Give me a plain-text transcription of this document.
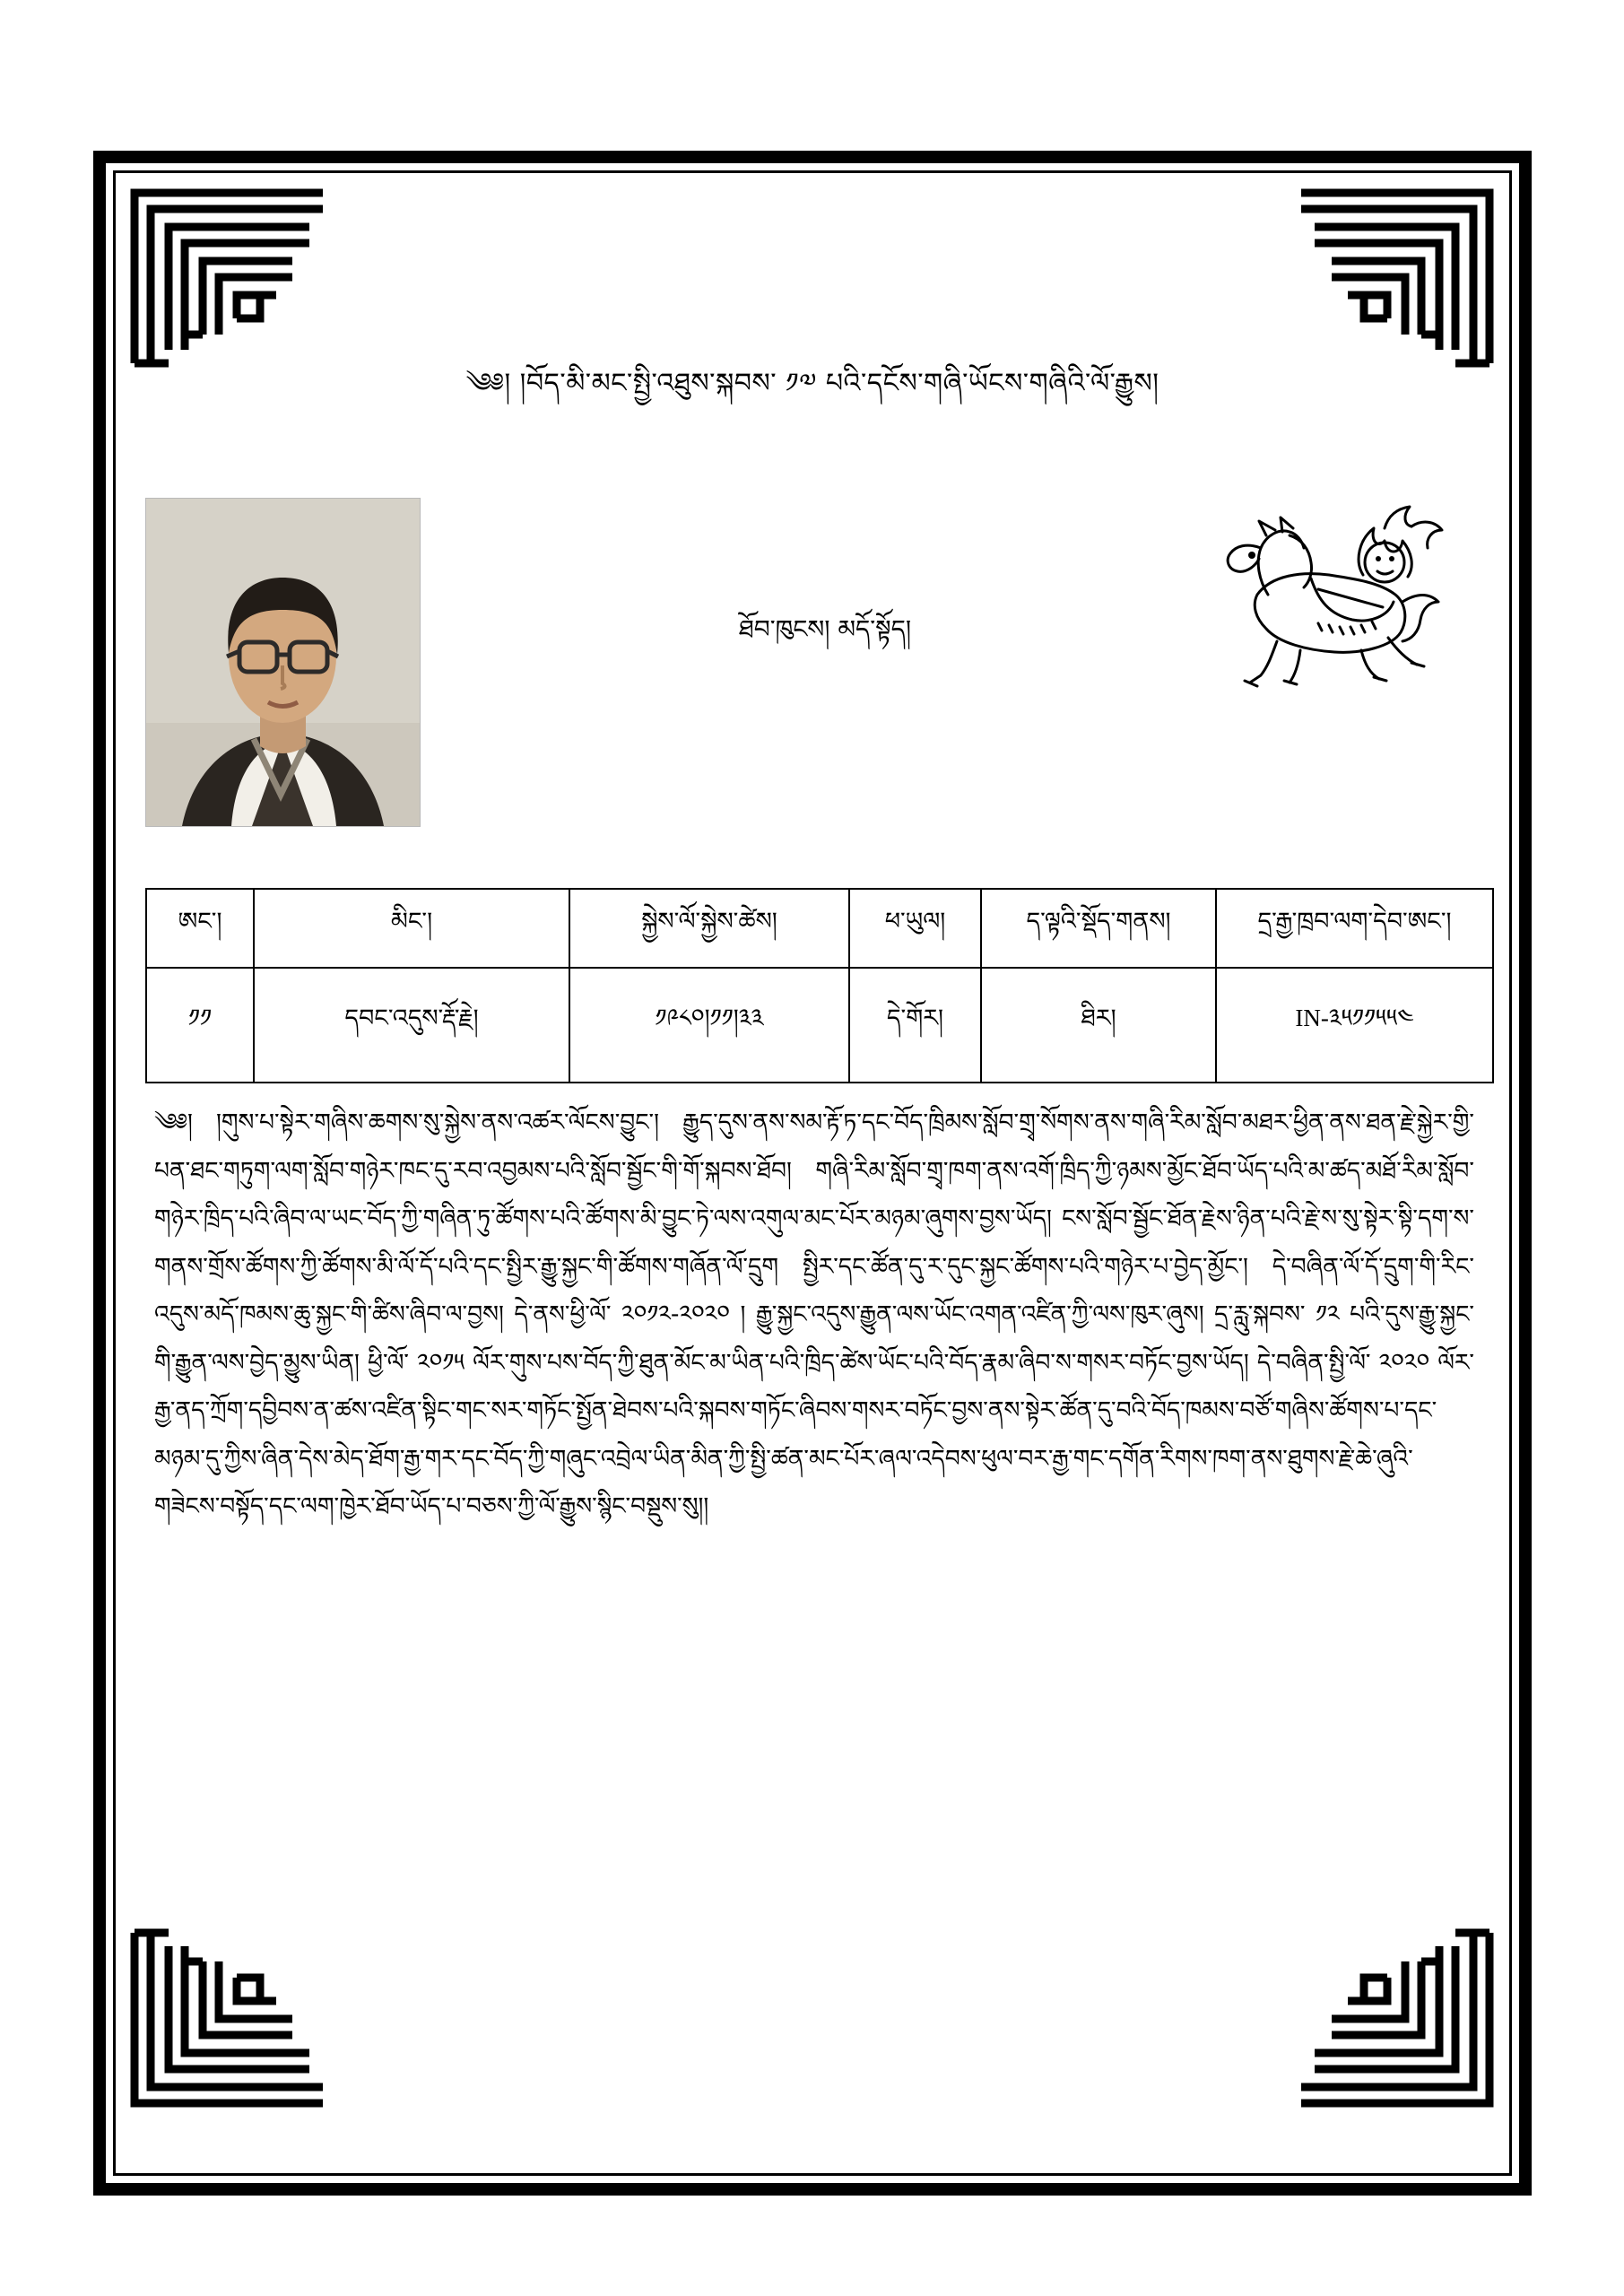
༄༅། །བོད་མི་མང་སྤྱི་འཐུས་སྐབས་ ༡༧ པའི་དངོས་གཞི་ཡོངས་གཞིའི་ལོ་རྒྱུས།
ཐོབ་ཁུངས། མདོ་སྟོད།
ཨང་།	མིང་།	སྐྱེས་ལོ་སྐྱེས་ཚེས།	ཕ་ཡུལ།	ད་ལྟའི་སྡོད་གནས།	དྲ་རྒྱ་ཁྲབ་ལག་དེབ་ཨང་།
༡༡	དབང་འདུས་རྡོ་རྗེ།	༡༩༨༠།༡༡།༣༣	དེ་གོར།	ཐིར།	IN-༣༥༡༡༥༥༤

༄༅། །གུས་པ་སྟེར་གཞིས་ཆགས་སུ་སྐྱེས་ནས་འཚར་ལོངས་བྱུང་། རྒྱུད་དུས་ནས་སམ་རྟོ་ཏ་དང་བོད་ཁྲིམས་སློབ་གྲྭ་སོགས་ནས་གཞི་རིམ་སློབ་མཐར་ཕྱིན་ནས་ཐན་རྗེ་སྐྱེར་གྱི་པན་ཐང་གཏུག་ལག་སློབ་གཉེར་ཁང་དུ་རབ་འབྱམས་པའི་སློབ་སྦྱོང་གི་གོ་སྐབས་ཐོབ། གཞི་རིམ་སློབ་གྲྭ་ཁག་ནས་འགོ་ཁྲིད་ཀྱི་ཉམས་མྱོང་ཐོབ་ཡོད་པའི་མ་ཚད་མཐོ་རིམ་སློབ་གཉེར་ཁྲིད་པའི་ཞིབ་ལ་ཡང་བོད་ཀྱི་གཞིན་ཏུ་ཚོགས་པའི་ཚོགས་མི་བྱུང་ཏེ་ལས་འགུལ་མང་པོར་མཉམ་ཞུགས་བྱས་ཡོད། ངས་སློབ་སྦྱོང་ཐོན་རྗེས་ཉིན་པའི་རྗེ་ས་སུ་སྟེར་སྟི་དག་ས་གནས་གྲོས་ཚོགས་ཀྱི་ཚོགས་མི་ལོ་དོ་པའི་དང་སྤྱིར་རྒྱུ་སྐྱང་གི་ཚོགས་གཞོན་ལོ་དྲུག སྤྱིར་དང་ཚོན་དུ་ར་དུང་སྐྱང་ཚོགས་པའི་གཉེར་པ་བྱེད་མྱོང་། དེ་བཞིན་ལོ་དོ་དྲུག་གི་རིང་འདུས་མདོ་ཁམས་ཆུ་སྐྱང་གི་ཚིས་ཞིབ་ལ་བྱས། དེ་ནས་ཕྱི་ལོ་ ༢༠༡༢-༢༠༢༠ ། རྒྱུ་སྐྱང་འདུས་རྒྱུན་ལས་ཡོང་འགན་འཛིན་ཀྱི་ལས་ཁུར་ཞུས། དྲ་རླུ་སྐབས་ ༡༢ པའི་དུས་རྒྱུ་སྐྱང་གི་རྒྱུན་ལས་བྱེད་མྱུས་ཡིན། ཕྱི་ལོ་ ༢༠༡༥ ལོར་གུས་པས་བོད་ཀྱི་ཐུན་མོང་མ་ཡིན་པའི་ཁྲིད་ཚེས་ཡོང་པའི་བོད་རྣམ་ཞིབ་ས་གསར་བཏོང་བྱས་ཡོད། དེ་བཞིན་སྤྱི་ལོ་ ༢༠༢༠ ལོར་རྒྱ་ནད་ཀྲོག་དབྱིབས་ན་ཚས་འཛིན་སྟིང་གང་སར་གཏོང་སྤྱོན་ཐེབས་པའི་སྐབས་གཏོང་ཞིབས་གསར་བཏོང་བྱས་ནས་སྟེར་ཚོན་དུ་བའི་བོད་ཁམས་བཙོ་གཞིས་ཚོགས་པ་དང་མཉམ་དུ་ཀྱིས་ཞིན་དེས་མེད་ཐོག་རྒྱ་གར་དང་བོད་ཀྱི་གཞུང་འབྲེལ་ཡིན་མིན་ཀྱི་སྤྱི་ཚན་མང་པོར་ཞལ་འདེབས་ཕུལ་བར་རྒྱ་གང་དགོན་རིགས་ཁག་ནས་ཐུགས་རྗེ་ཆེ་ཞུའི་གཟེངས་བསྟོད་དང་ལག་ཁྱེར་ཐོབ་ཡོད་པ་བཅས་ཀྱི་ལོ་རྒྱུས་སྙིང་བསྡུས་སུ།།
